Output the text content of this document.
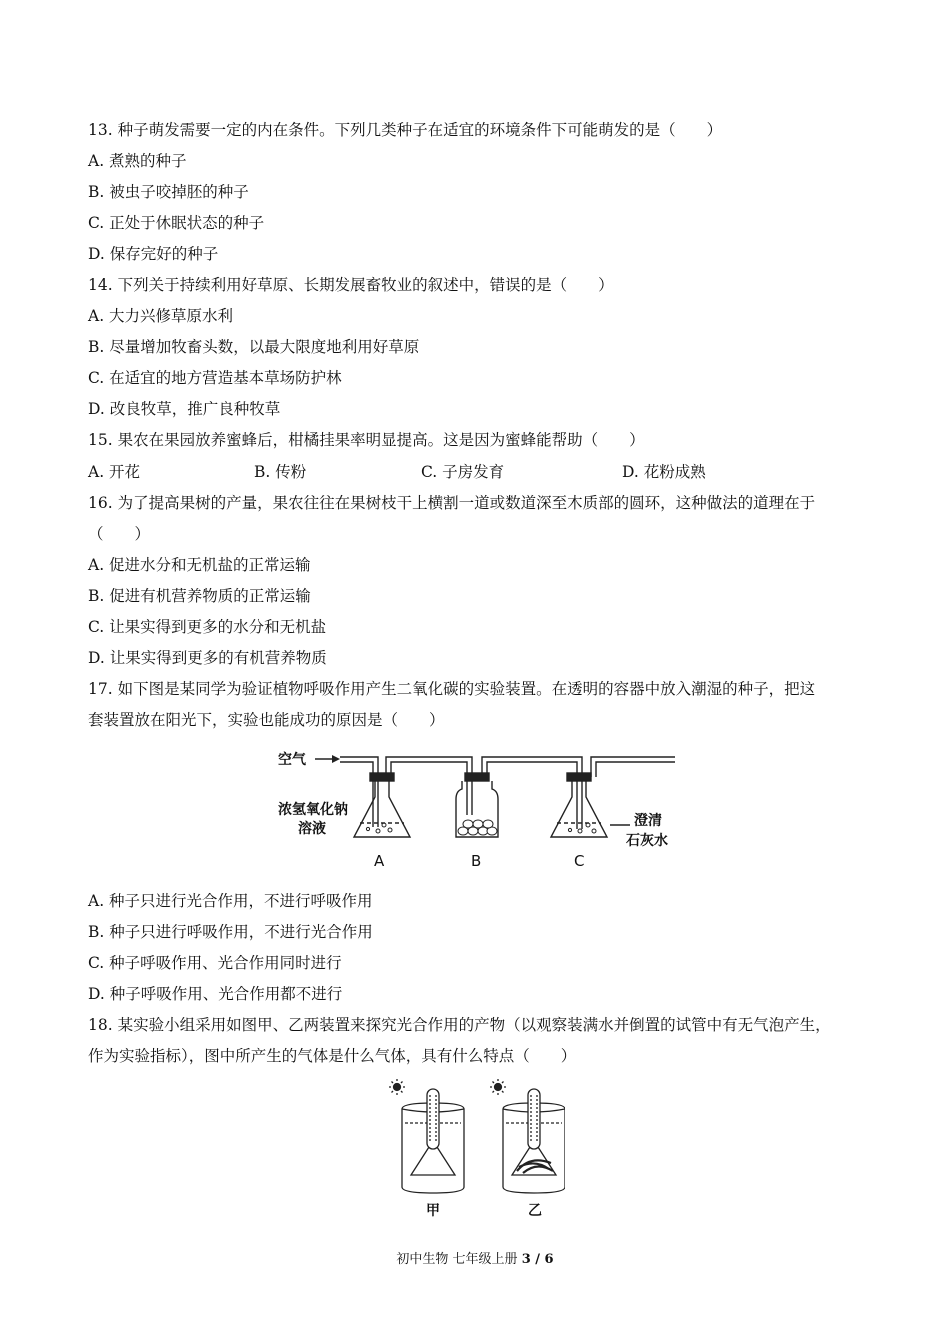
13. 种子萌发需要一定的内在条件。下列几类种子在适宜的环境条件下可能萌发的是（　　）
A. 煮熟的种子
B. 被虫子咬掉胚的种子
C. 正处于休眠状态的种子
D. 保存完好的种子
14. 下列关于持续利用好草原、长期发展畜牧业的叙述中，错误的是（　　）
A. 大力兴修草原水利
B. 尽量增加牧畜头数，以最大限度地利用好草原
C. 在适宜的地方营造基本草场防护林
D. 改良牧草，推广良种牧草
15. 果农在果园放养蜜蜂后，柑橘挂果率明显提高。这是因为蜜蜂能帮助（　　）
A. 开花	B. 传粉	C. 子房发育	D. 花粉成熟
16. 为了提高果树的产量，果农往往在果树枝干上横割一道或数道深至木质部的圆环，这种做法的道理在于
（　　）
A. 促进水分和无机盐的正常运输
B. 促进有机营养物质的正常运输
C. 让果实得到更多的水分和无机盐
D. 让果实得到更多的有机营养物质
17. 如下图是某同学为验证植物呼吸作用产生二氧化碳的实验装置。在透明的容器中放入潮湿的种子，把这
套装置放在阳光下，实验也能成功的原因是（　　）
空气
浓氢氧化钠
溶液	澄清
石灰水
A	B	C
A. 种子只进行光合作用，不进行呼吸作用
B. 种子只进行呼吸作用，不进行光合作用
C. 种子呼吸作用、光合作用同时进行
D. 种子呼吸作用、光合作用都不进行
18. 某实验小组采用如图甲、乙两装置来探究光合作用的产物（以观察装满水并倒置的试管中有无气泡产生，
作为实验指标），图中所产生的气体是什么气体，具有什么特点（　　）
甲	乙
初中生物 七年级上册 3 / 6
